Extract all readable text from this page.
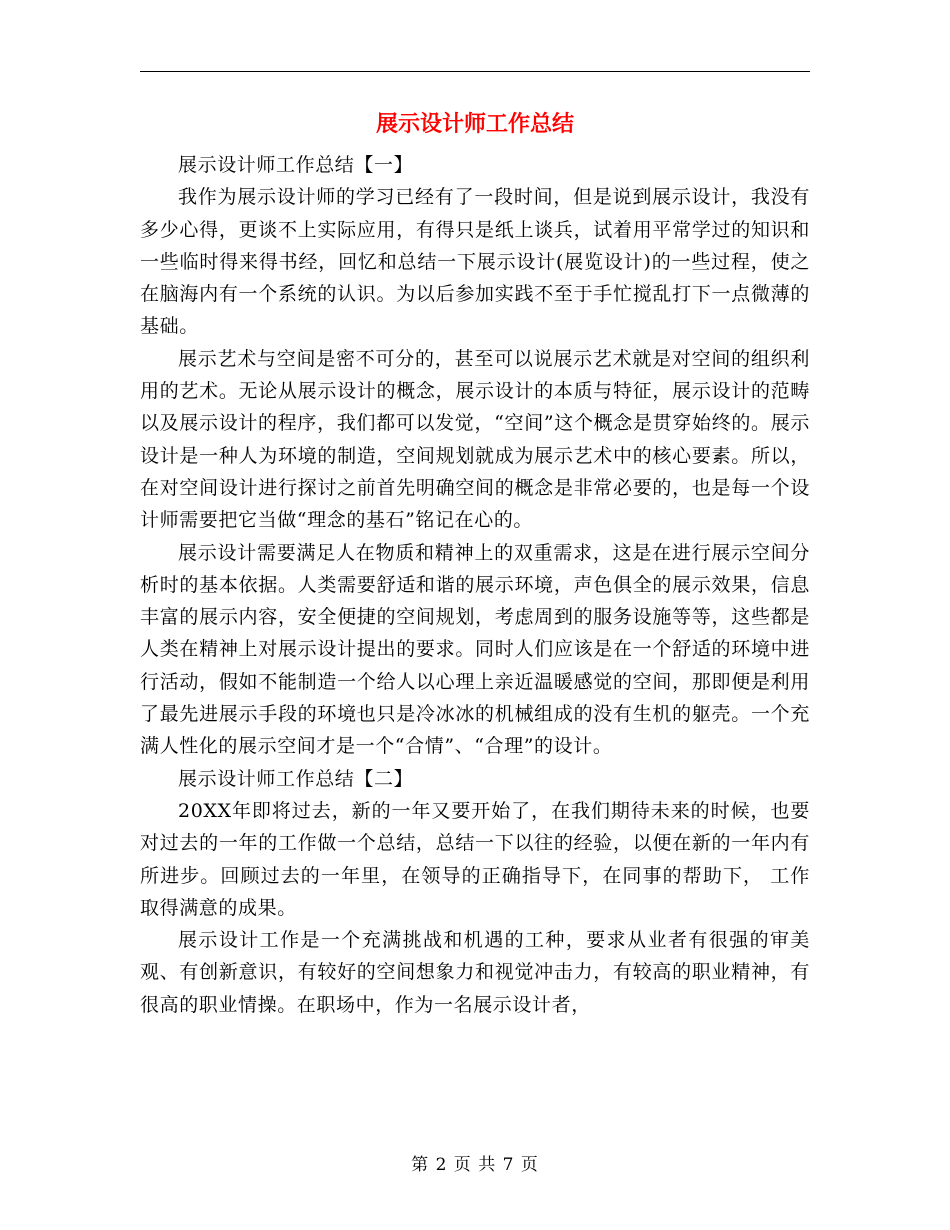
展示设计师工作总结

展示设计师工作总结【一】

我作为展示设计师的学习已经有了一段时间，但是说到展示设计，我没有多少心得，更谈不上实际应用，有得只是纸上谈兵，试着用平常学过的知识和一些临时得来得书经，回忆和总结一下展示设计(展览设计)的一些过程，使之在脑海内有一个系统的认识。为以后参加实践不至于手忙搅乱打下一点微薄的基础。

展示艺术与空间是密不可分的，甚至可以说展示艺术就是对空间的组织利用的艺术。无论从展示设计的概念，展示设计的本质与特征，展示设计的范畴以及展示设计的程序，我们都可以发觉，“空间”这个概念是贯穿始终的。展示设计是一种人为环境的制造，空间规划就成为展示艺术中的核心要素。所以，在对空间设计进行探讨之前首先明确空间的概念是非常必要的，也是每一个设计师需要把它当做“理念的基石”铭记在心的。

展示设计需要满足人在物质和精神上的双重需求，这是在进行展示空间分析时的基本依据。人类需要舒适和谐的展示环境，声色俱全的展示效果，信息丰富的展示内容，安全便捷的空间规划，考虑周到的服务设施等等，这些都是人类在精神上对展示设计提出的要求。同时人们应该是在一个舒适的环境中进行活动，假如不能制造一个给人以心理上亲近温暖感觉的空间，那即便是利用了最先进展示手段的环境也只是冷冰冰的机械组成的没有生机的躯壳。一个充满人性化的展示空间才是一个“合情”、“合理”的设计。

展示设计师工作总结【二】

20XX年即将过去，新的一年又要开始了，在我们期待未来的时候，也要对过去的一年的工作做一个总结，总结一下以往的经验，以便在新的一年内有所进步。回顾过去的一年里，在领导的正确指导下，在同事的帮助下， 工作取得满意的成果。

展示设计工作是一个充满挑战和机遇的工种，要求从业者有很强的审美观、有创新意识，有较好的空间想象力和视觉冲击力，有较高的职业精神，有很高的职业情操。在职场中，作为一名展示设计者，

第 2 页 共 7 页
